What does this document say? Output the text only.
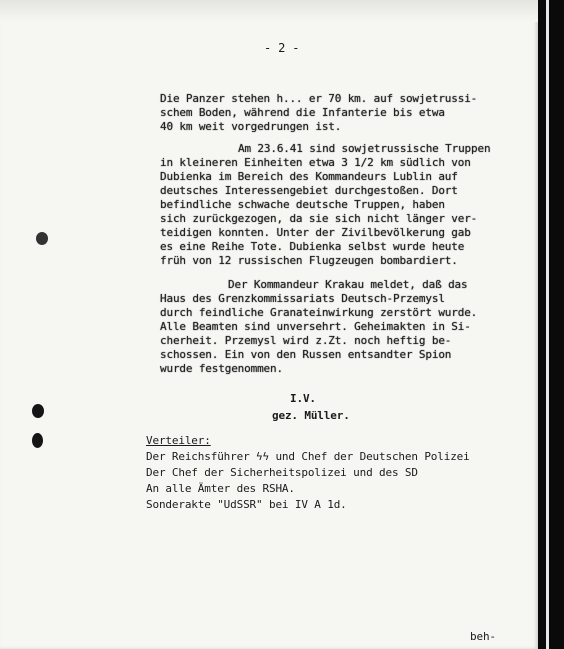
- 2 -
Die Panzer stehen h... er 70 km. auf sowjetrussi-
schem Boden, während die Infanterie bis etwa
40 km weit vorgedrungen ist.
Am 23.6.41 sind sowjetrussische Truppen
in kleineren Einheiten etwa 3 1/2 km südlich von
Dubienka im Bereich des Kommandeurs Lublin auf
deutsches Interessengebiet durchgestoßen. Dort
befindliche schwache deutsche Truppen, haben
sich zurückgezogen, da sie sich nicht länger ver-
teidigen konnten. Unter der Zivilbevölkerung gab
es eine Reihe Tote. Dubienka selbst wurde heute
früh von 12 russischen Flugzeugen bombardiert.
Der Kommandeur Krakau meldet, daß das
Haus des Grenzkommissariats Deutsch-Przemysl
durch feindliche Granateinwirkung zerstört wurde.
Alle Beamten sind unversehrt. Geheimakten in Si-
cherheit. Przemysl wird z.Zt. noch heftig be-
schossen. Ein von den Russen entsandter Spion
wurde festgenommen.
I.V.
gez. Müller.
Verteiler:
Der Reichsführer ϟϟ und Chef der Deutschen Polizei
Der Chef der Sicherheitspolizei und des SD
An alle Ämter des RSHA.
Sonderakte "UdSSR" bei IV A 1d.
beh-
